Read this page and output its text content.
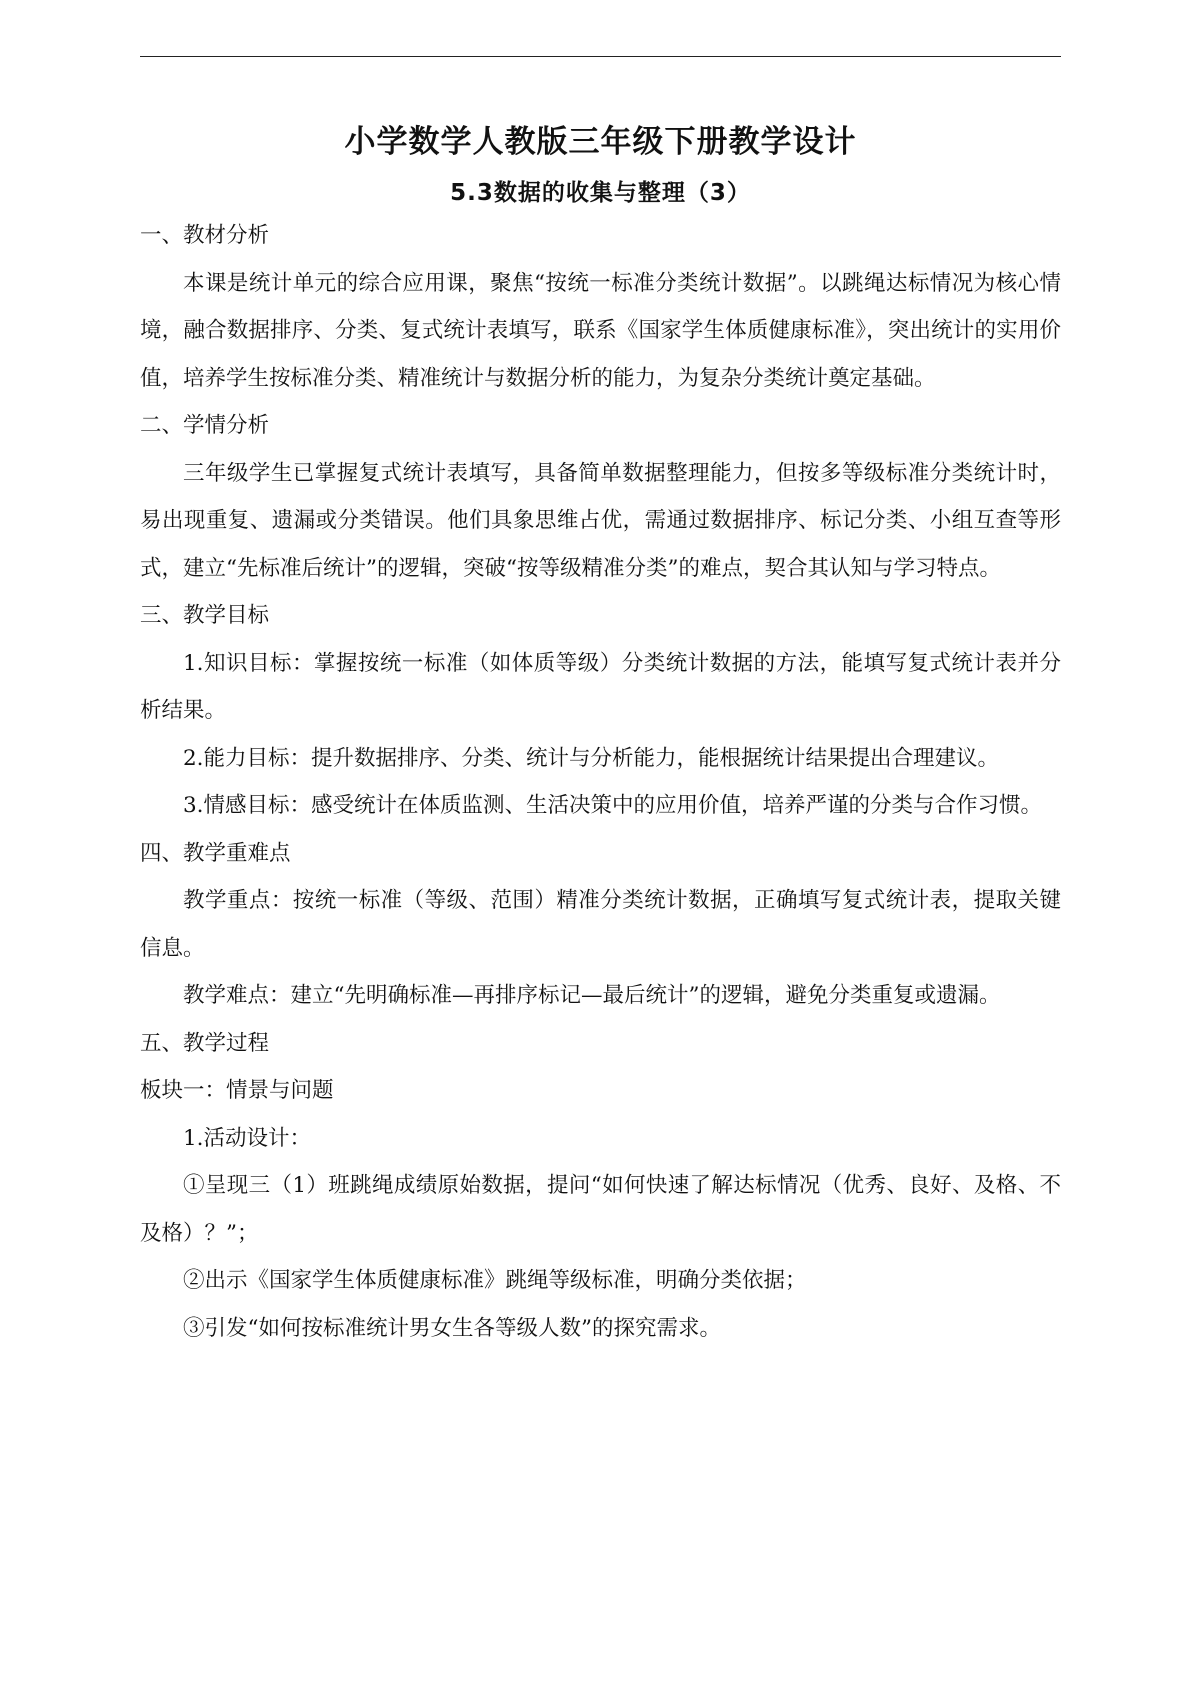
小学数学人教版三年级下册教学设计
5.3数据的收集与整理（3）

一、教材分析

本课是统计单元的综合应用课，聚焦“按统一标准分类统计数据”。以跳绳达标情况为核心情境，融合数据排序、分类、复式统计表填写，联系《国家学生体质健康标准》，突出统计的实用价值，培养学生按标准分类、精准统计与数据分析的能力，为复杂分类统计奠定基础。

二、学情分析

三年级学生已掌握复式统计表填写，具备简单数据整理能力，但按多等级标准分类统计时，易出现重复、遗漏或分类错误。他们具象思维占优，需通过数据排序、标记分类、小组互查等形式，建立“先标准后统计”的逻辑，突破“按等级精准分类”的难点，契合其认知与学习特点。

三、教学目标

1.知识目标：掌握按统一标准（如体质等级）分类统计数据的方法，能填写复式统计表并分析结果。

2.能力目标：提升数据排序、分类、统计与分析能力，能根据统计结果提出合理建议。

3.情感目标：感受统计在体质监测、生活决策中的应用价值，培养严谨的分类与合作习惯。

四、教学重难点

教学重点：按统一标准（等级、范围）精准分类统计数据，正确填写复式统计表，提取关键信息。

教学难点：建立“先明确标准—再排序标记—最后统计”的逻辑，避免分类重复或遗漏。

五、教学过程

板块一：情景与问题

1.活动设计：

①呈现三（1）班跳绳成绩原始数据，提问“如何快速了解达标情况（优秀、良好、及格、不及格）？”；

②出示《国家学生体质健康标准》跳绳等级标准，明确分类依据；

③引发“如何按标准统计男女生各等级人数”的探究需求。
